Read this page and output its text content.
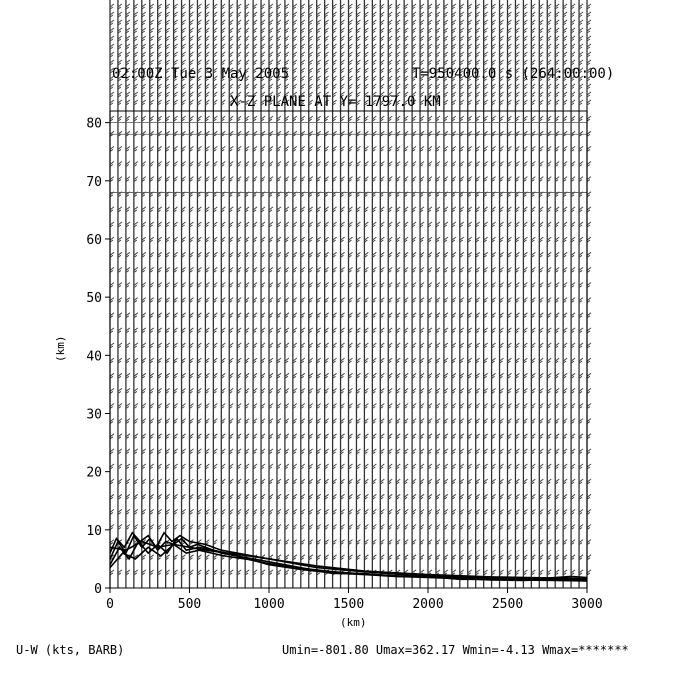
0
10
20
30
40
50
60
70
80
0	500	1000	1500	2000	2500	3000
02:00Z Tue 3 May 2005	T=950400.0 s (264:00:00)
X-Z PLANE AT Y= 1797.0 KM
(km)
(km)
U-W (kts, BARB)	Umin=-801.80 Umax=362.17 Wmin=-4.13 Wmax=*******
